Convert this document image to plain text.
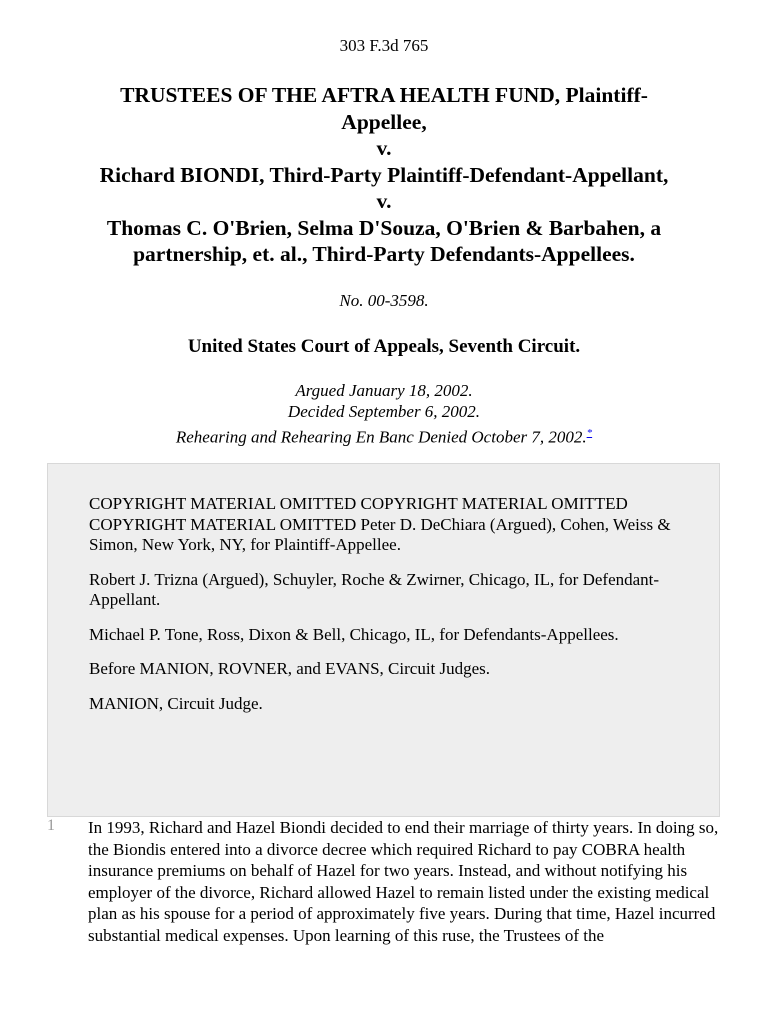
303 F.3d 765
TRUSTEES OF THE AFTRA HEALTH FUND, Plaintiff-
Appellee,
v.
Richard BIONDI, Third-Party Plaintiff-Defendant-Appellant,
v.
Thomas C. O'Brien, Selma D'Souza, O'Brien & Barbahen, a
partnership, et. al., Third-Party Defendants-Appellees.
No. 00-3598.
United States Court of Appeals, Seventh Circuit.
Argued January 18, 2002.
Decided September 6, 2002.
Rehearing and Rehearing En Banc Denied October 7, 2002.*

COPYRIGHT MATERIAL OMITTED COPYRIGHT MATERIAL OMITTED COPYRIGHT MATERIAL OMITTED Peter D. DeChiara (Argued), Cohen, Weiss & Simon, New York, NY, for Plaintiff-Appellee.

Robert J. Trizna (Argued), Schuyler, Roche & Zwirner, Chicago, IL, for Defendant-Appellant.

Michael P. Tone, Ross, Dixon & Bell, Chicago, IL, for Defendants-Appellees.

Before MANION, ROVNER, and EVANS, Circuit Judges.

MANION, Circuit Judge.

1 In 1993, Richard and Hazel Biondi decided to end their marriage of thirty years. In doing so, the Biondis entered into a divorce decree which required Richard to pay COBRA health insurance premiums on behalf of Hazel for two years. Instead, and without notifying his employer of the divorce, Richard allowed Hazel to remain listed under the existing medical plan as his spouse for a period of approximately five years. During that time, Hazel incurred substantial medical expenses. Upon learning of this ruse, the Trustees of the
